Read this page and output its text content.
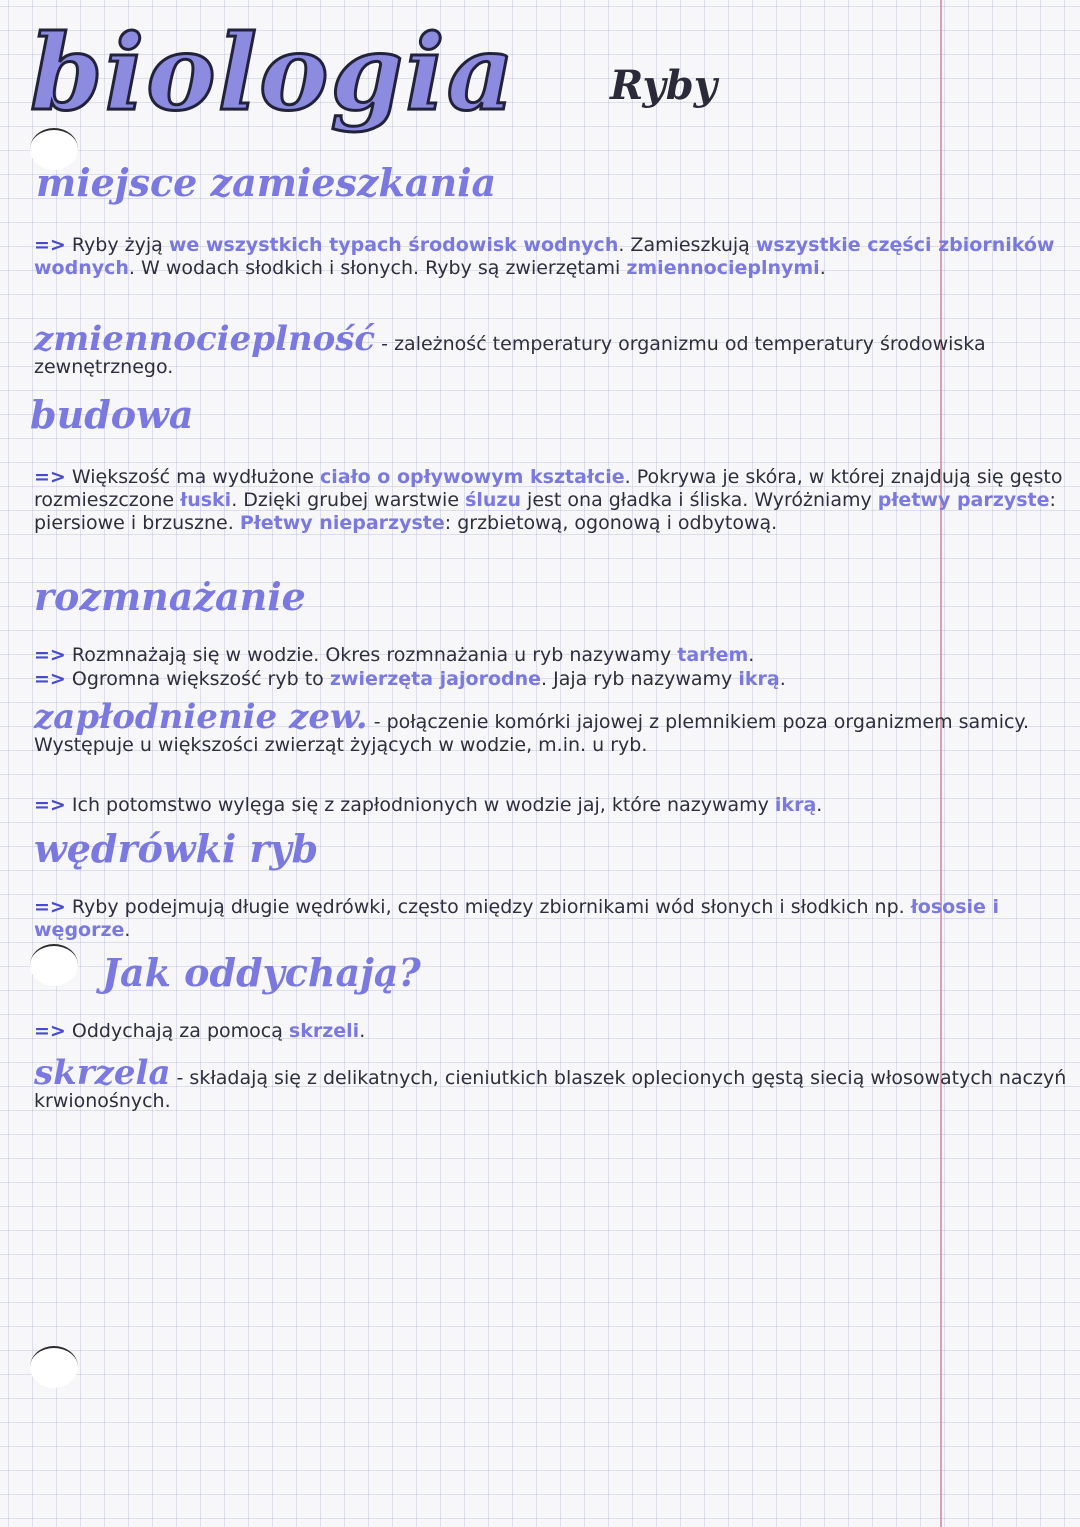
biologia Ryby
miejsce zamieszkania

=> Ryby żyją we wszystkich typach środowisk wodnych. Zamieszkują wszystkie części zbiorników wodnych. W wodach słodkich i słonych. Ryby są zwierzętami zmiennocieplnymi.

zmiennocieplność - zależność temperatury organizmu od temperatury środowiska zewnętrznego.

budowa

=> Większość ma wydłużone ciało o opływowym kształcie. Pokrywa je skóra, w której znajdują się gęsto rozmieszczone łuski. Dzięki grubej warstwie śluzu jest ona gładka i śliska. Wyróżniamy płetwy parzyste: piersiowe i brzuszne. Płetwy nieparzyste: grzbietową, ogonową i odbytową.

rozmnażanie

=> Rozmnażają się w wodzie. Okres rozmnażania u ryb nazywamy tarłem.

=> Ogromna większość ryb to zwierzęta jajorodne. Jaja ryb nazywamy ikrą.

zapłodnienie zew. - połączenie komórki jajowej z plemnikiem poza organizmem samicy. Występuje u większości zwierząt żyjących w wodzie, m.in. u ryb.

=> Ich potomstwo wylęga się z zapłodnionych w wodzie jaj, które nazywamy ikrą.

wędrówki ryb

=> Ryby podejmują długie wędrówki, często między zbiornikami wód słonych i słodkich np. łososie i węgorze.

Jak oddychają?

=> Oddychają za pomocą skrzeli.

skrzela - składają się z delikatnych, cieniutkich blaszek oplecionych gęstą siecią włosowatych naczyń krwionośnych.
